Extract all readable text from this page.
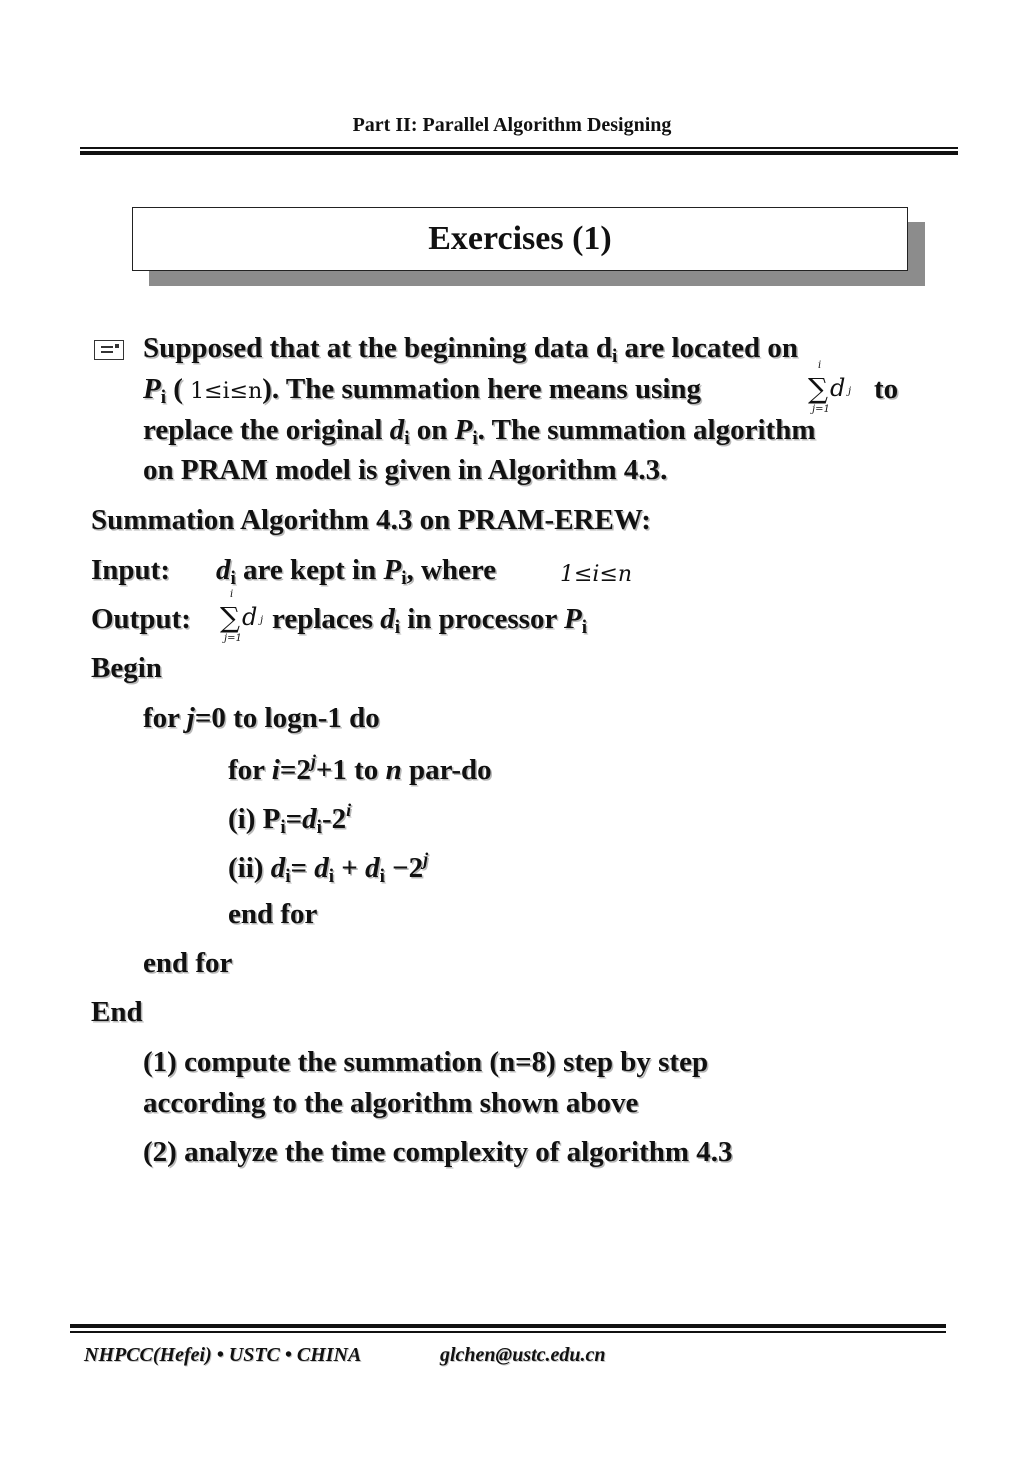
Part II: Parallel Algorithm Designing
Exercises (1)
Supposed that at the beginning data $d_i$ are located on
$P_i$ ( 1≤i≤n). The summation here means using
i
∑ d j
j=1
to
replace the original $d_i$ on $P_i$. The summation algorithm
on PRAM model is given in Algorithm 4.3.
Summation Algorithm 4.3 on PRAM-EREW:
Input: $d_i$ are kept in $P_i$, where	1≤i≤n
Output:
i
∑ d j
j=1
replaces $d_i$ in processor $P_i$
Begin
for j=0 to logn-1 do
for $i=2^j+1$ to n par-do
(i) $P_i=d_i-2^i$
(ii) $d_i= d_i + d_i -2^j$
end for
end for
End
(1) compute the summation (n=8) step by step
according to the algorithm shown above
(2) analyze the time complexity of algorithm 4.3
NHPCC(Hefei) • USTC • CHINA	glchen@ustc.edu.cn
